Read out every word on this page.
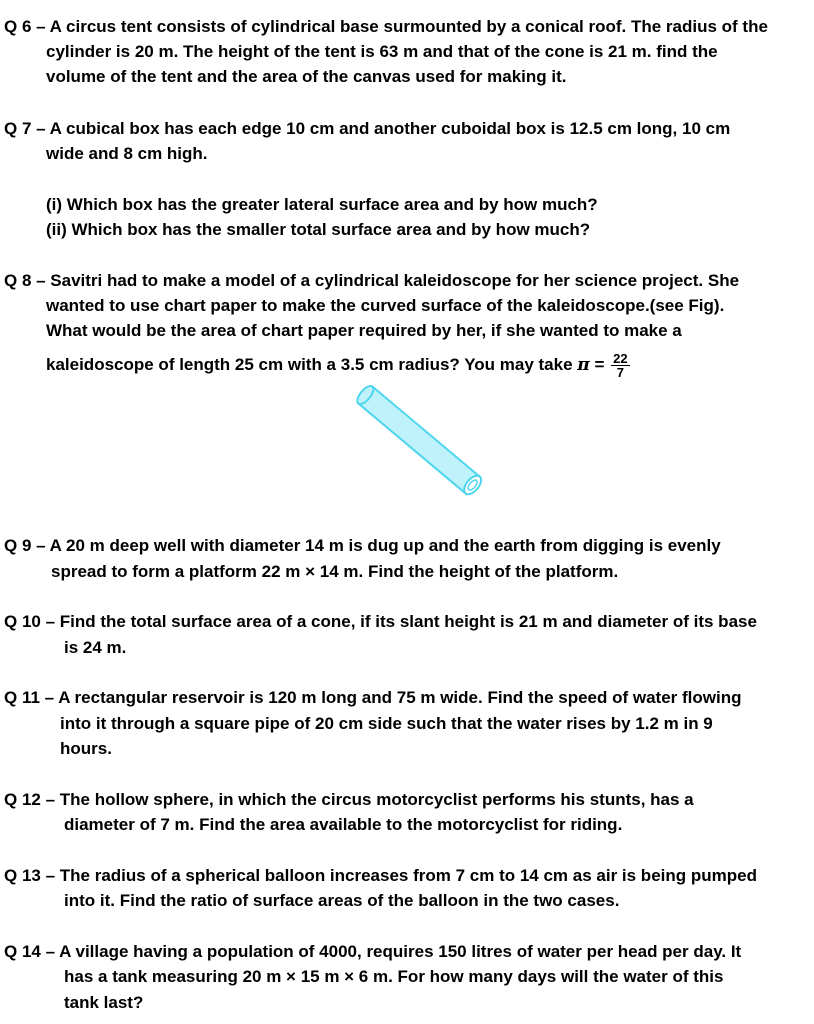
Q 6 – A circus tent consists of cylindrical base surmounted by a conical roof. The radius of the
cylinder is 20 m. The height of the tent is 63 m and that of the cone is 21 m. find the
volume of the tent and the area of the canvas used for making it.
Q 7 – A cubical box has each edge 10 cm and another cuboidal box is 12.5 cm long, 10 cm
wide and 8 cm high.
(i) Which box has the greater lateral surface area and by how much?
(ii) Which box has the smaller total surface area and by how much?
Q 8 – Savitri had to make a model of a cylindrical kaleidoscope for her science project. She
wanted to use chart paper to make the curved surface of the kaleidoscope.(see Fig).
What would be the area of chart paper required by her, if she wanted to make a
kaleidoscope of length 25 cm with a 3.5 cm radius? You may take $\pi = \frac{22}{7}$
Q 9 – A 20 m deep well with diameter 14 m is dug up and the earth from digging is evenly
spread to form a platform 22 m × 14 m. Find the height of the platform.
Q 10 – Find the total surface area of a cone, if its slant height is 21 m and diameter of its base
is 24 m.
Q 11 – A rectangular reservoir is 120 m long and 75 m wide. Find the speed of water flowing
into it through a square pipe of 20 cm side such that the water rises by 1.2 m in 9
hours.
Q 12 – The hollow sphere, in which the circus motorcyclist performs his stunts, has a
diameter of 7 m. Find the area available to the motorcyclist for riding.
Q 13 – The radius of a spherical balloon increases from 7 cm to 14 cm as air is being pumped
into it. Find the ratio of surface areas of the balloon in the two cases.
Q 14 – A village having a population of 4000, requires 150 litres of water per head per day. It
has a tank measuring 20 m × 15 m × 6 m. For how many days will the water of this
tank last?
